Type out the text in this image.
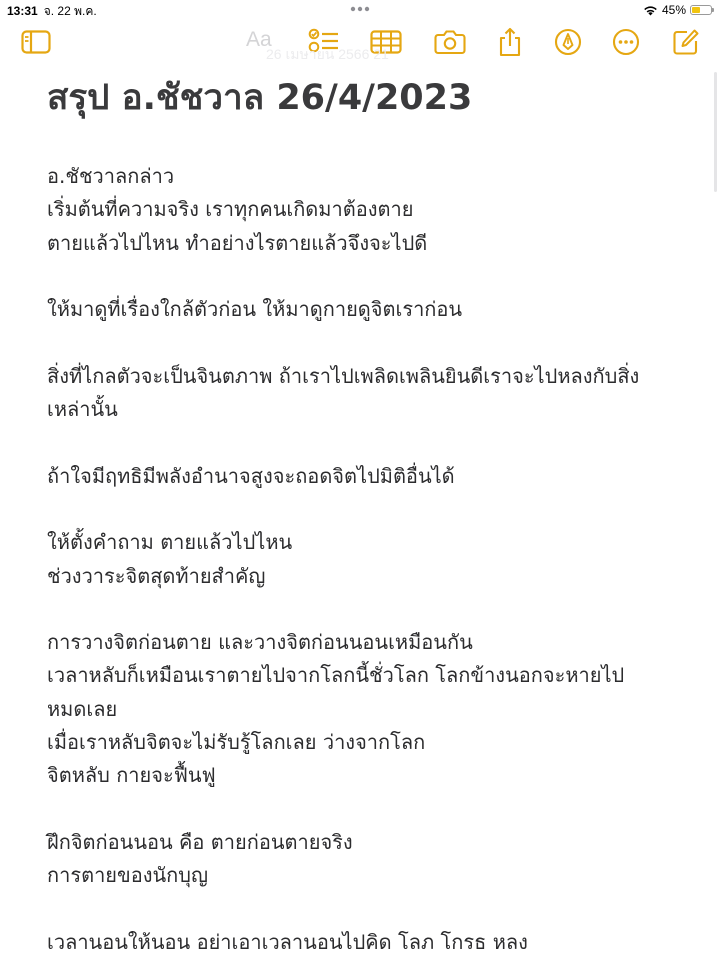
13:31 จ. 22 พ.ค.	45%
Aa
26 เมษายน 2566 21
สรุป อ.ชัชวาล 26/4/2023
อ.ชัชวาลกล่าว
เริ่มต้นที่ความจริง เราทุกคนเกิดมาต้องตาย
ตายแล้วไปไหน ทำอย่างไรตายแล้วจึงจะไปดี

ให้มาดูที่เรื่องใกล้ตัวก่อน ให้มาดูกายดูจิตเราก่อน

สิ่งที่ไกลตัวจะเป็นจินตภาพ ถ้าเราไปเพลิดเพลินยินดีเราจะไปหลงกับสิ่ง
เหล่านั้น

ถ้าใจมีฤทธิมีพลังอำนาจสูงจะถอดจิตไปมิติอื่นได้

ให้ตั้งคำถาม ตายแล้วไปไหน
ช่วงวาระจิตสุดท้ายสำคัญ

การวางจิตก่อนตาย และวางจิตก่อนนอนเหมือนกัน
เวลาหลับก็เหมือนเราตายไปจากโลกนี้ชั่วโลก โลกข้างนอกจะหายไป
หมดเลย
เมื่อเราหลับจิตจะไม่รับรู้โลกเลย ว่างจากโลก
จิตหลับ กายจะฟื้นฟู

ฝึกจิตก่อนนอน คือ ตายก่อนตายจริง
การตายของนักบุญ

เวลานอนให้นอน อย่าเอาเวลานอนไปคิด โลภ โกรธ หลง
